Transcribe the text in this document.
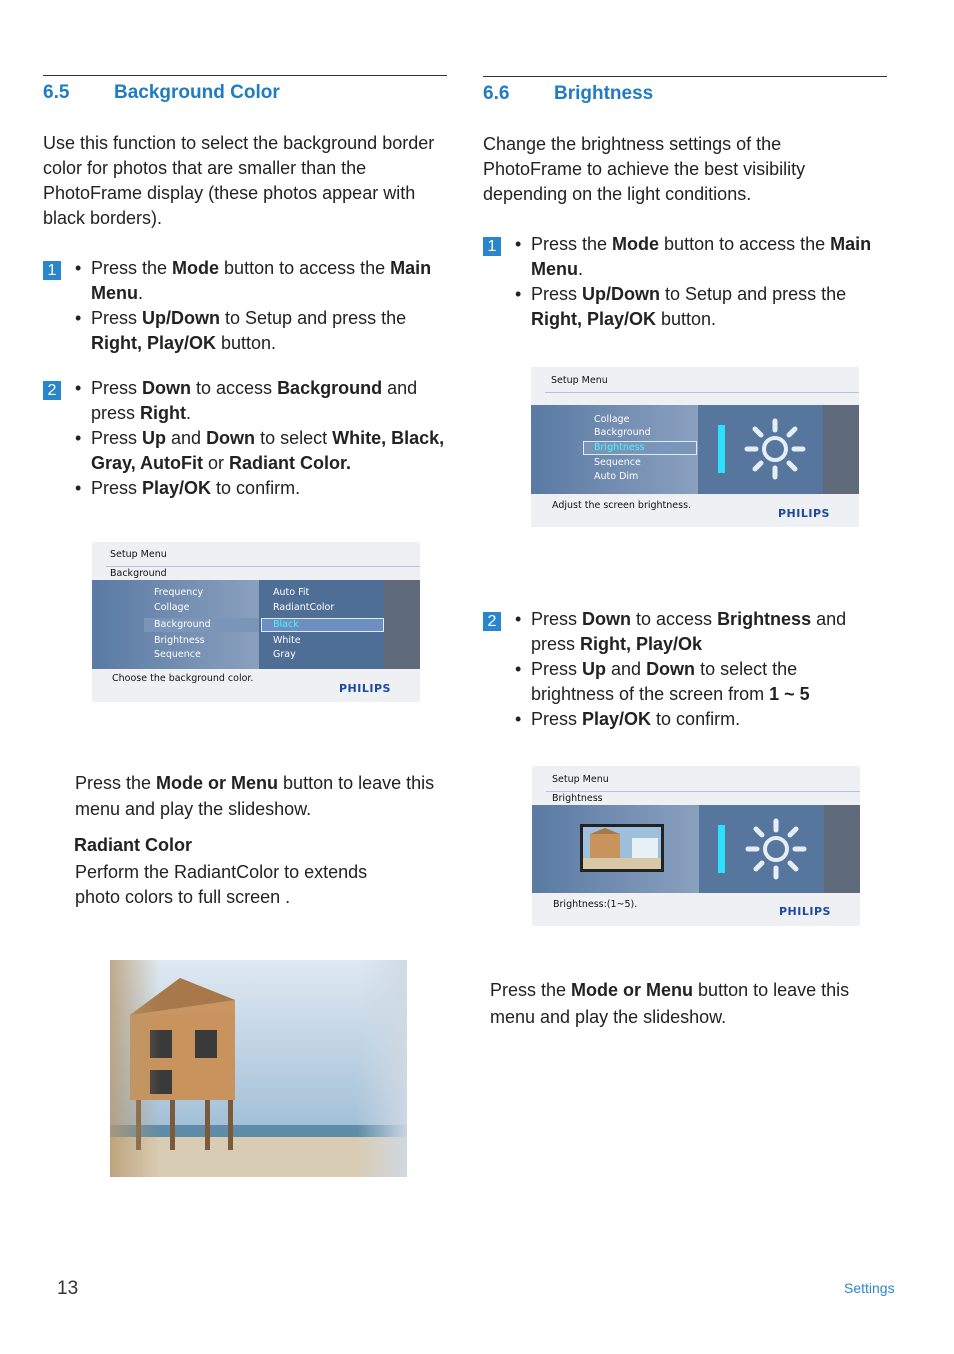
6.5 Background Color
Use this function to select the background border color for photos that are smaller than the PhotoFrame display (these photos appear with black borders).
1	• Press the Mode button to access the Main Menu.
• Press Up/Down to Setup and press the Right, Play/OK button.
2	• Press Down to access Background and press Right.
• Press Up and Down to select White, Black, Gray, AutoFit or Radiant Color.
• Press Play/OK to confirm.
Setup Menu
Background
Frequency
Collage
Background
Brightness
Sequence
Auto Fit
RadiantColor
Black
White
Gray
Choose the background color.
PHILIPS
Press the Mode or Menu button to leave this menu and play the slideshow.
Radiant Color
Perform the RadiantColor to extends photo colors to full screen .
6.6 Brightness
Change the brightness settings of the PhotoFrame to achieve the best visibility depending on the light conditions.
1	• Press the Mode button to access the Main Menu.
• Press Up/Down to Setup and press the Right, Play/OK button.
Setup Menu
Collage
Background
Brightness
Sequence
Auto Dim
Adjust the screen brightness.
PHILIPS
2	• Press Down to access Brightness and press Right, Play/Ok
• Press Up and Down to select the brightness of the screen from 1 ~ 5
• Press Play/OK to confirm.
Setup Menu
Brightness
Brightness:(1~5).
PHILIPS
Press the Mode or Menu button to leave this menu and play the slideshow.
13	Settings
